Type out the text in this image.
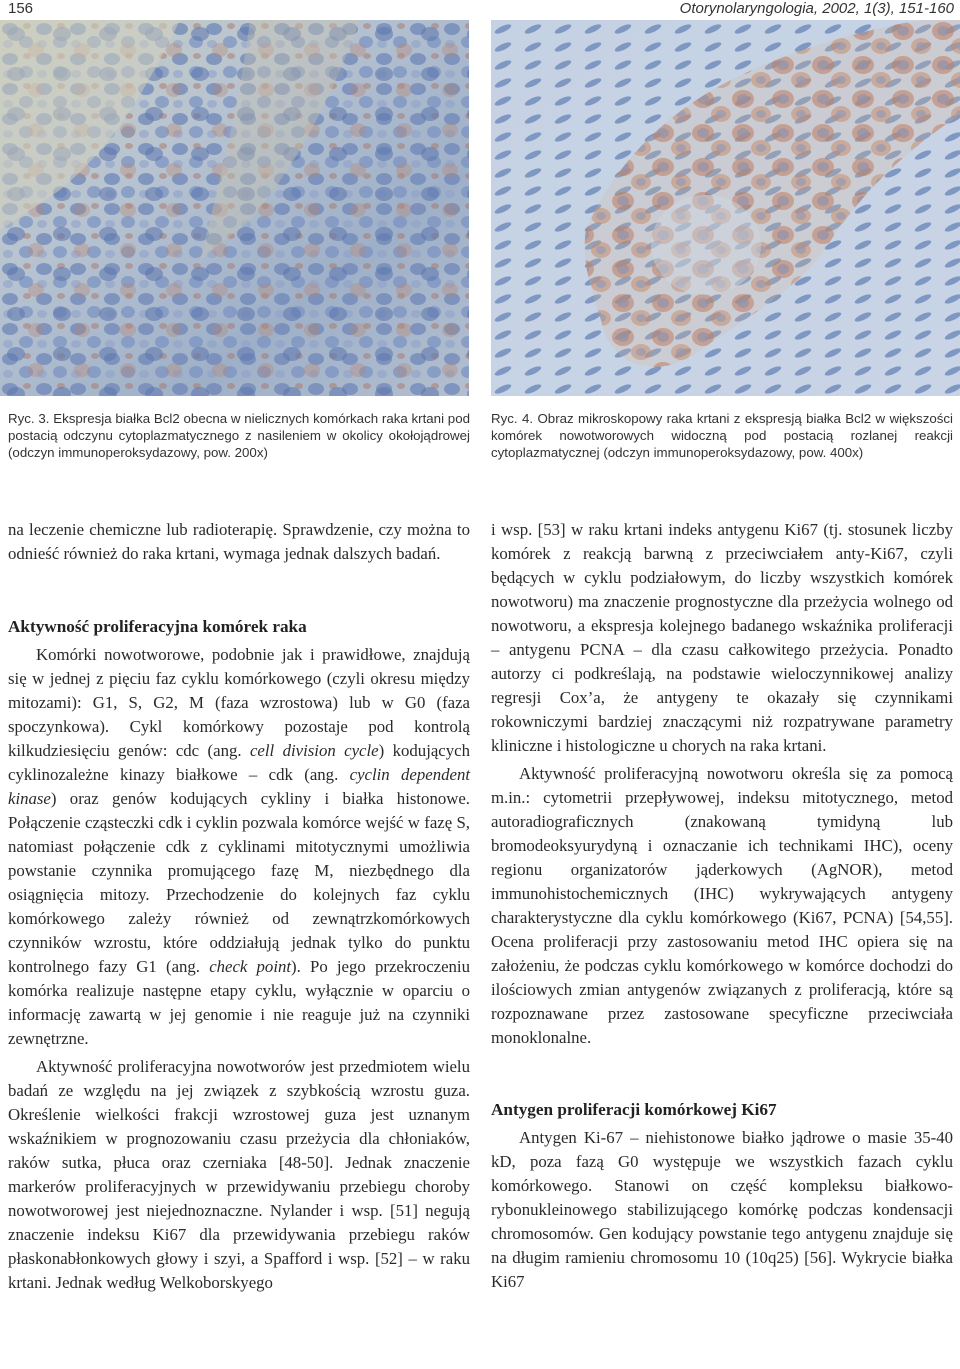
156	Otorynolaryngologia, 2002, 1(3), 151-160

Ryc. 3. Ekspresja białka Bcl2 obecna w nielicznych komórkach raka krtani pod postacią odczynu cytoplazmatycznego z nasileniem w okolicy okołojądrowej (odczyn immunoperoksydazowy, pow. 200x)

Ryc. 4. Obraz mikroskopowy raka krtani z ekspresją białka Bcl2 w większości komórek nowotworowych widoczną pod postacią rozlanej reakcji cytoplazmatycznej (odczyn immunoperoksydazowy, pow. 400x)

na leczenie chemiczne lub radioterapię. Sprawdzenie, czy można to odnieść również do raka krtani, wymaga jednak dalszych badań.

Aktywność proliferacyjna komórek raka

Komórki nowotworowe, podobnie jak i prawidłowe, znajdują się w jednej z pięciu faz cyklu komórkowego (czyli okresu między mitozami): G1, S, G2, M (faza wzrostowa) lub w G0 (faza spoczynkowa). Cykl komórkowy pozostaje pod kontrolą kilkudziesięciu genów: cdc (ang. cell division cycle) kodujących cyklinozależne kinazy białkowe – cdk (ang. cyclin dependent kinase) oraz genów kodujących cykliny i białka histonowe. Połączenie cząsteczki cdk i cyklin pozwala komórce wejść w fazę S, natomiast połączenie cdk z cyklinami mitotycznymi umożliwia powstanie czynnika promującego fazę M, niezbędnego dla osiągnięcia mitozy. Przechodzenie do kolejnych faz cyklu komórkowego zależy również od zewnątrzkomórkowych czynników wzrostu, które oddziałują jednak tylko do punktu kontrolnego fazy G1 (ang. check point). Po jego przekroczeniu komórka realizuje następne etapy cyklu, wyłącznie w oparciu o informację zawartą w jej genomie i nie reaguje już na czynniki zewnętrzne.

Aktywność proliferacyjna nowotworów jest przedmiotem wielu badań ze względu na jej związek z szybkością wzrostu guza. Określenie wielkości frakcji wzrostowej guza jest uznanym wskaźnikiem w prognozowaniu czasu przeżycia dla chłoniaków, raków sutka, płuca oraz czerniaka [48-50]. Jednak znaczenie markerów proliferacyjnych w przewidywaniu przebiegu choroby nowotworowej jest niejednoznaczne. Nylander i wsp. [51] negują znaczenie indeksu Ki67 dla przewidywania przebiegu raków płaskonabłonkowych głowy i szyi, a Spafford i wsp. [52] – w raku krtani. Jednak według Welkoborskyego

i wsp. [53] w raku krtani indeks antygenu Ki67 (tj. stosunek liczby komórek z reakcją barwną z przeciwciałem anty-Ki67, czyli będących w cyklu podziałowym, do liczby wszystkich komórek nowotworu) ma znaczenie prognostyczne dla przeżycia wolnego od nowotworu, a ekspresja kolejnego badanego wskaźnika proliferacji – antygenu PCNA – dla czasu całkowitego przeżycia. Ponadto autorzy ci podkreślają, na podstawie wieloczynnikowej analizy regresji Cox’a, że antygeny te okazały się czynnikami rokowniczymi bardziej znaczącymi niż rozpatrywane parametry kliniczne i histologiczne u chorych na raka krtani.

Aktywność proliferacyjną nowotworu określa się za pomocą m.in.: cytometrii przepływowej, indeksu mitotycznego, metod autoradiograficznych (znakowaną tymidyną lub bromodeoksyurydyną i oznaczanie ich technikami IHC), oceny regionu organizatorów jąderkowych (AgNOR), metod immunohistochemicznych (IHC) wykrywających antygeny charakterystyczne dla cyklu komórkowego (Ki67, PCNA) [54,55]. Ocena proliferacji przy zastosowaniu metod IHC opiera się na założeniu, że podczas cyklu komórkowego w komórce dochodzi do ilościowych zmian antygenów związanych z proliferacją, które są rozpoznawane przez zastosowane specyficzne przeciwciała monoklonalne.

Antygen proliferacji komórkowej Ki67

Antygen Ki-67 – niehistonowe białko jądrowe o masie 35-40 kD, poza fazą G0 występuje we wszystkich fazach cyklu komórkowego. Stanowi on część kompleksu białkowo-rybonukleinowego stabilizującego komórkę podczas kondensacji chromosomów. Gen kodujący powstanie tego antygenu znajduje się na długim ramieniu chromosomu 10 (10q25) [56]. Wykrycie białka Ki67
